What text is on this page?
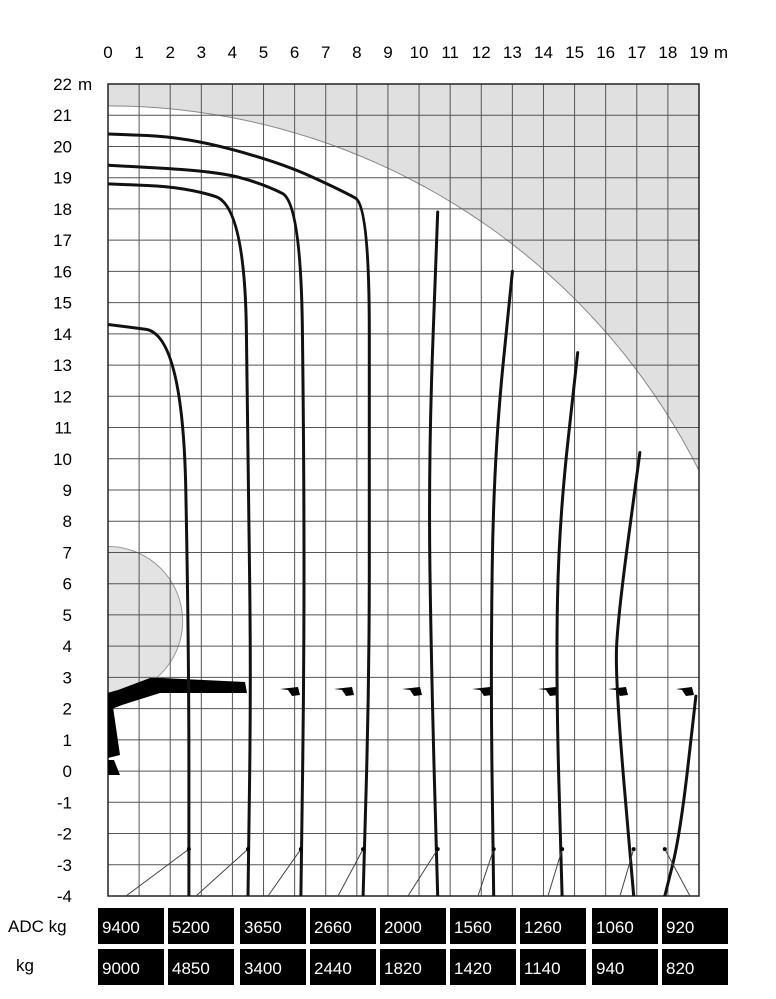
0 1 2 3 4 5 6 7 8 9 10 11 12 13 14 15 16 17 18 19 m
-4
-3
-2
-1
0
1
2
3
4
5
6
7
8
9
10
11
12
13
14
15
16
17
18
19
20
21
22 m
ADC kg
kg
9400 5200 3650 2660 2000 1560 1260 1060 920
9000 4850 3400 2440 1820 1420 1140 940 820
